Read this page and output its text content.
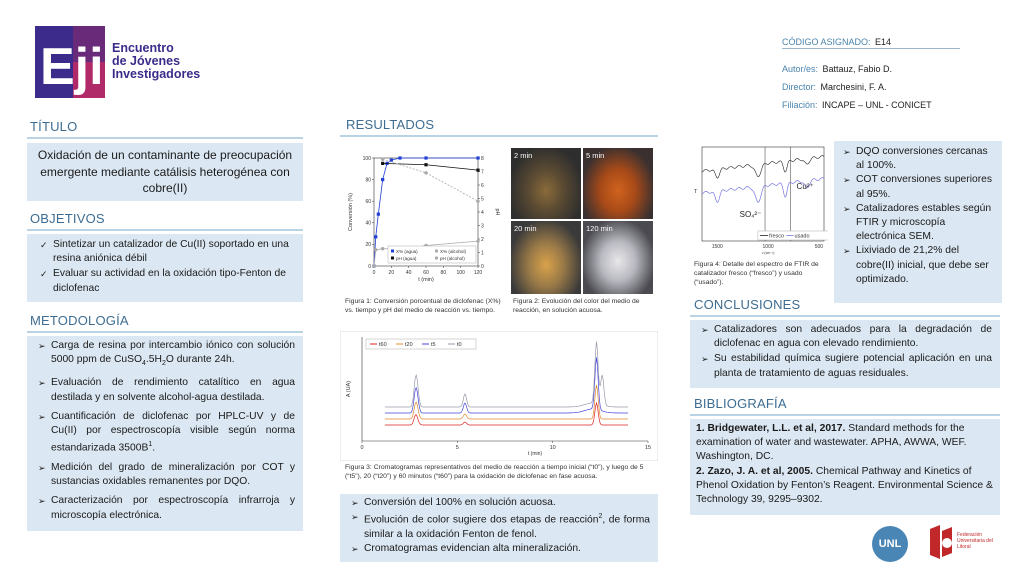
Eji Encuentro
de Jóvenes
Investigadores
CÓDIGO ASIGNADO: E14
Autor/es: Battauz, Fabio D.
Director: Marchesini, F. A.
Filiación: INCAPE – UNL - CONICET
TÍTULO
Oxidación de un contaminante de preocupación emergente mediante catálisis heterogénea con cobre(II)
OBJETIVOS
✓ Sintetizar un catalizador de Cu(II) soportado en una resina aniónica débil
✓ Evaluar su actividad en la oxidación tipo-Fenton de diclofenac
METODOLOGÍA
➢ Carga de resina por intercambio iónico con solución 5000 ppm de $CuSO_4.5H_2O$ durante 24h.
➢ Evaluación de rendimiento catalítico en agua destilada y en solvente alcohol-agua destilada.
➢ Cuantificación de diclofenac por HPLC-UV y de Cu(II) por espectroscopía visible según norma estandarizada $3500B^1$.
➢ Medición del grado de mineralización por COT y sustancias oxidables remanentes por DQO.
➢ Caracterización por espectroscopía infrarroja y microscopía electrónica.
RESULTADOS
0	20 40 60 80 100 120
0
20
40
60
80
100
0
1
2
3
4
5
6
7
8
t (min)
Conversión (%)	pH
X% (agua)
pH (agua)
X% (alcohol)
pH (alcohol)
Figura 1: Conversión porcentual de diclofenac (X%) vs. tiempo y pH del medio de reacción vs. tiempo.
2 min	5 min
20 min	120 min
Figura 2: Evolución del color del medio de reacción, en solución acuosa.
0	5	10	15
t (min)
A (UA)
t60	t20	t5	t0
Figura 3: Cromatogramas representativos del medio de reacción a tiempo inicial (“t0”), y luego de 5 (“t5”), 20 (“t20”) y 60 minutos (“t60”) para la oxidación de diclofenac en fase acuosa.
➢ Conversión del 100% en solución acuosa.
➢ Evolución de color sugiere dos etapas de reacción$^2$, de forma similar a la oxidación Fenton de fenol.
➢ Cromatogramas evidencian alta mineralización.
1500	1000	500
ν (cm⁻¹)
T
SO₄²⁻
Cu²⁺
fresco usado
Figura 4: Detalle del espectro de FTIR de catalizador fresco (“fresco”) y usado (“usado”).
➢ DQO conversiones cercanas al 100%.
➢ COT conversiones superiores al 95%.
➢ Catalizadores estables según FTIR y microscopía electrónica SEM.
➢ Lixiviado de 21,2% del cobre(II) inicial, que debe ser optimizado.
CONCLUSIONES
➢ Catalizadores son adecuados para la degradación de diclofenac en agua con elevado rendimiento.
➢ Su estabilidad química sugiere potencial aplicación en una planta de tratamiento de aguas residuales.
BIBLIOGRAFÍA
1. Bridgewater, L.L. et al, 2017. Standard methods for the examination of water and wastewater. APHA, AWWA, WEF. Washington, DC.
2. Zazo, J. A. et al, 2005. Chemical Pathway and Kinetics of Phenol Oxidation by Fenton’s Reagent. Environmental Science & Technology 39, 9295–9302.
UNL
Federación Universitaria del Litoral
